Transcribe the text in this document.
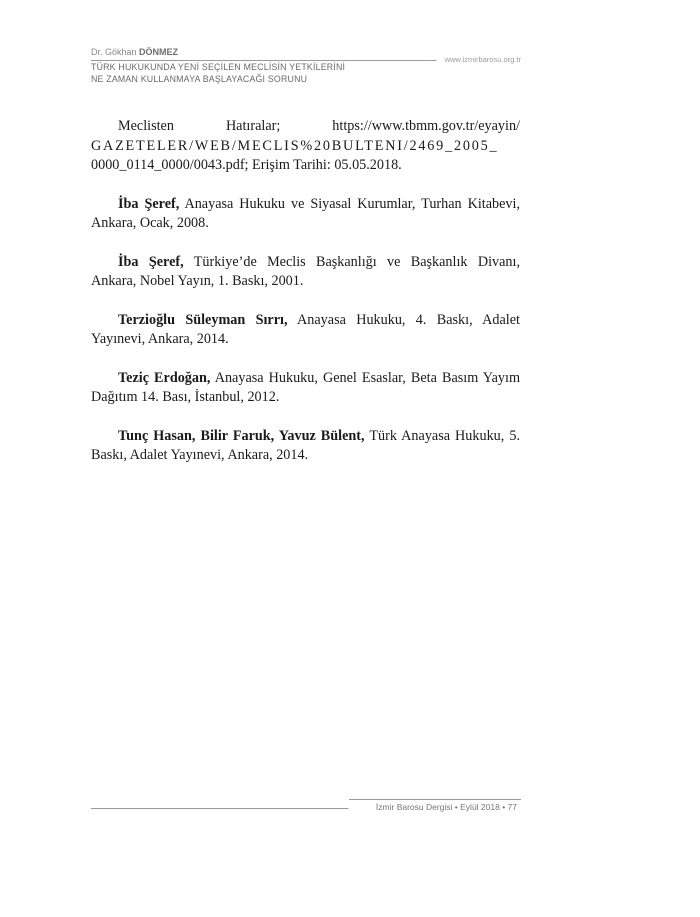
Dr. Gökhan DÖNMEZ
www.izmirbarosu.org.tr
TÜRK HUKUKUNDA YENİ SEÇİLEN MECLİSİN YETKİLERİNİ
NE ZAMAN KULLANMAYA BAŞLAYACAĞI SORUNU

Meclisten Hatıralar; https://www.tbmm.gov.tr/eyayin/
GAZETELER/WEB/MECLIS%20BULTENI/2469_2005_

0000_0114_0000/0043.pdf; Erişim Tarihi: 05.05.2018.

İba Şeref, Anayasa Hukuku ve Siyasal Kurumlar, Turhan Kitabevi, Ankara, Ocak, 2008.

İba Şeref, Türkiye’de Meclis Başkanlığı ve Başkanlık Divanı, Ankara, Nobel Yayın, 1. Baskı, 2001.

Terzioğlu Süleyman Sırrı, Anayasa Hukuku, 4. Baskı, Adalet Yayınevi, Ankara, 2014.

Teziç Erdoğan, Anayasa Hukuku, Genel Esaslar, Beta Basım Yayım Dağıtım 14. Bası, İstanbul, 2012.

Tunç Hasan, Bilir Faruk, Yavuz Bülent, Türk Anayasa Hukuku, 5. Baskı, Adalet Yayınevi, Ankara, 2014.

İzmir Barosu Dergisi • Eylül 2018 • 77
